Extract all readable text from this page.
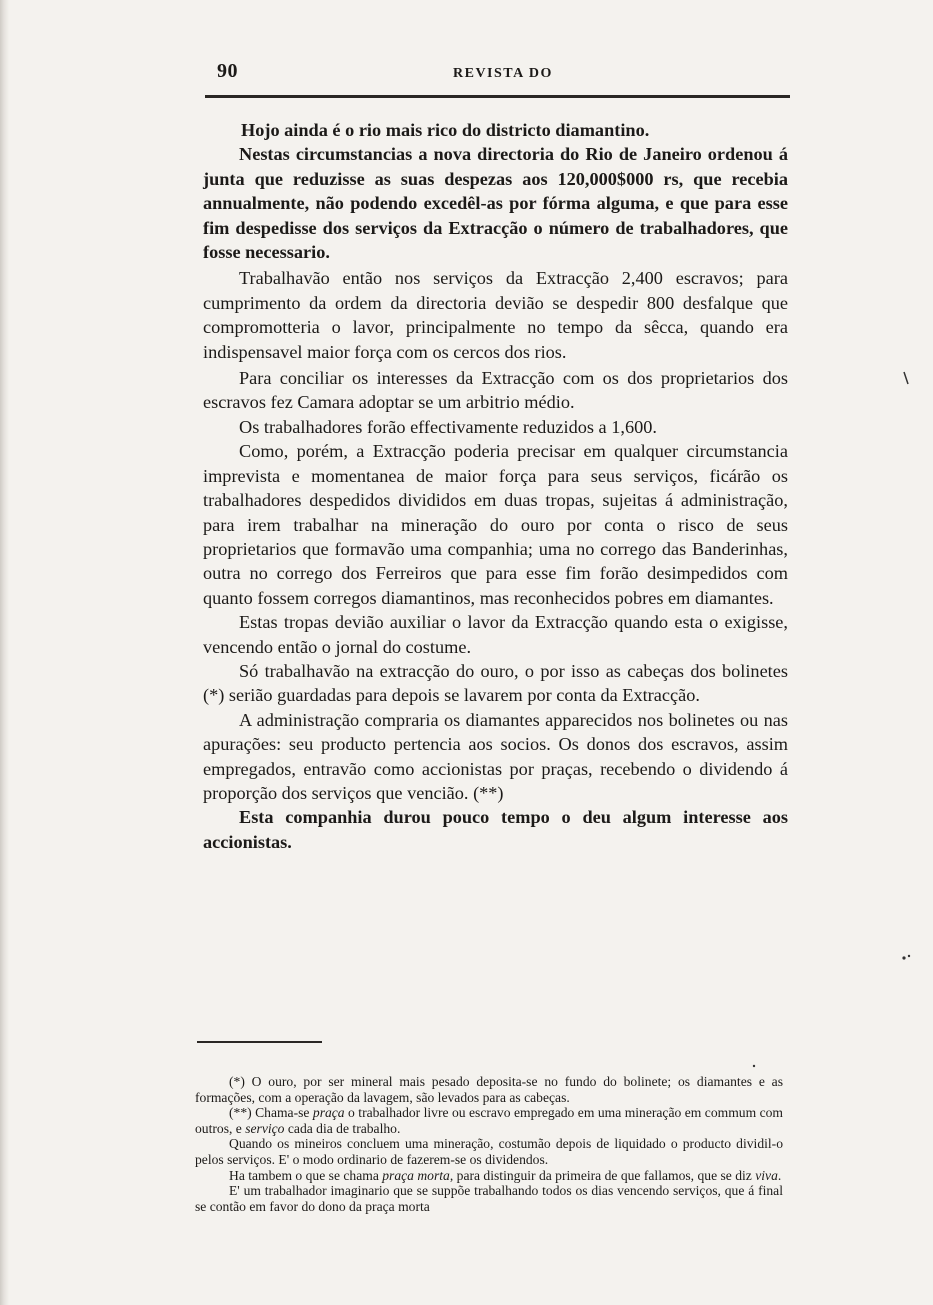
90	REVISTA DO

Hojo ainda é o rio mais rico do districto diamantino.

Nestas circumstancias a nova directoria do Rio de Janeiro ordenou á junta que reduzisse as suas despezas aos 120,000$000 rs, que recebia annualmente, não podendo excedêl-as por fórma alguma, e que para esse fim despedisse dos serviços da Extracção o número de trabalhadores, que fosse necessario.

Trabalhavão então nos serviços da Extracção 2,400 escravos; para cumprimento da ordem da directoria devião se despedir 800 desfalque que compromotteria o lavor, principalmente no tempo da sêcca, quando era indispensavel maior força com os cercos dos rios.

Para conciliar os interesses da Extracção com os dos proprietarios dos escravos fez Camara adoptar se um arbitrio médio.

Os trabalhadores forão effectivamente reduzidos a 1,600.

Como, porém, a Extracção poderia precisar em qualquer circumstancia imprevista e momentanea de maior força para seus serviços, ficárão os trabalhadores despedidos divididos em duas tropas, sujeitas á administração, para irem trabalhar na mineração do ouro por conta o risco de seus proprietarios que formavão uma companhia; uma no corrego das Banderinhas, outra no corrego dos Ferreiros que para esse fim forão desimpedidos com quanto fossem corregos diamantinos, mas reconhecidos pobres em diamantes.

Estas tropas devião auxiliar o lavor da Extracção quando esta o exigisse, vencendo então o jornal do costume.

Só trabalhavão na extracção do ouro, o por isso as cabeças dos bolinetes (*) serião guardadas para depois se lavarem por conta da Extracção.

A administração compraria os diamantes apparecidos nos bolinetes ou nas apurações: seu producto pertencia aos socios. Os donos dos escravos, assim empregados, entravão como accionistas por praças, recebendo o dividendo á proporção dos serviços que vencião. (**)

Esta companhia durou pouco tempo o deu algum interesse aos accionistas.

(*) O ouro, por ser mineral mais pesado deposita-se no fundo do bolinete; os diamantes e as formações, com a operação da lavagem, são levados para as cabeças.

(**) Chama-se praça o trabalhador livre ou escravo empregado em uma mineração em commum com outros, e serviço cada dia de trabalho.

Quando os mineiros concluem uma mineração, costumão depois de liquidado o producto dividil-o pelos serviços. E' o modo ordinario de fazerem-se os dividendos.

Ha tambem o que se chama praça morta, para distinguir da primeira de que fallamos, que se diz viva.

E' um trabalhador imaginario que se suppõe trabalhando todos os dias vencendo serviços, que á final se contão em favor do dono da praça morta
